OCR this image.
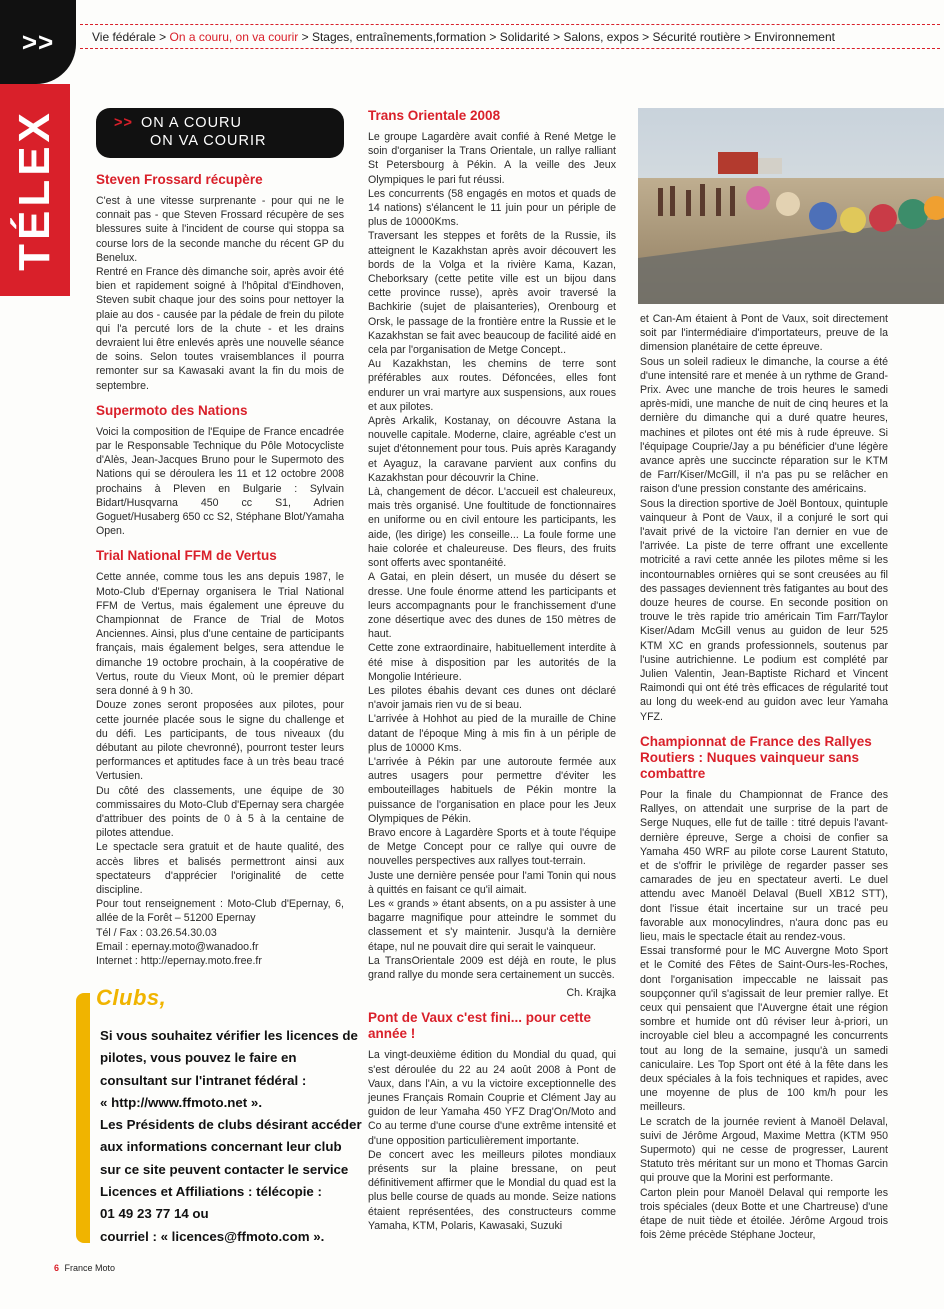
>>
TÉLEX
Vie fédérale > On a couru, on va courir > Stages, entraînements,formation > Solidarité > Salons, expos > Sécurité routière > Environnement
>> ON A COURU
ON VA COURIR
Steven Frossard récupère

C'est à une vitesse surprenante - pour qui ne le connait pas - que Steven Frossard récupère de ses blessures suite à l'incident de course qui stoppa sa course lors de la seconde manche du récent GP du Benelux.

Rentré en France dès dimanche soir, après avoir été bien et rapidement soigné à l'hôpital d'Eindhoven, Steven subit chaque jour des soins pour nettoyer la plaie au dos - causée par la pédale de frein du pilote qui l'a percuté lors de la chute - et les drains devraient lui être enlevés après une nouvelle séance de soins. Selon toutes vraisemblances il pourra remonter sur sa Kawasaki avant la fin du mois de septembre.

Supermoto des Nations

Voici la composition de l'Equipe de France encadrée par le Responsable Technique du Pôle Motocycliste d'Alès, Jean-Jacques Bruno pour le Supermoto des Nations qui se déroulera les 11 et 12 octobre 2008 prochains à Pleven en Bulgarie : Sylvain Bidart/Husqvarna 450 cc S1, Adrien Goguet/Husaberg 650 cc S2, Stéphane Blot/Yamaha Open.

Trial National FFM de Vertus

Cette année, comme tous les ans depuis 1987, le Moto-Club d'Epernay organisera le Trial National FFM de Vertus, mais également une épreuve du Championnat de France de Trial de Motos Anciennes. Ainsi, plus d'une centaine de participants français, mais également belges, sera attendue le dimanche 19 octobre prochain, à la coopérative de Vertus, route du Vieux Mont, où le premier départ sera donné à 9 h 30.

Douze zones seront proposées aux pilotes, pour cette journée placée sous le signe du challenge et du défi. Les participants, de tous niveaux (du débutant au pilote chevronné), pourront tester leurs performances et aptitudes face à un très beau tracé Vertusien.

Du côté des classements, une équipe de 30 commissaires du Moto-Club d'Epernay sera chargée d'attribuer des points de 0 à 5 à la centaine de pilotes attendue.

Le spectacle sera gratuit et de haute qualité, des accès libres et balisés permettront ainsi aux spectateurs d'apprécier l'originalité de cette discipline.

Pour tout renseignement : Moto-Club d'Epernay, 6, allée de la Forêt – 51200 Epernay

Tél / Fax : 03.26.54.30.03

Email : epernay.moto@wanadoo.fr

Internet : http://epernay.moto.free.fr

Trans Orientale 2008

Le groupe Lagardère avait confié à René Metge le soin d'organiser la Trans Orientale, un rallye ralliant St Petersbourg à Pékin. A la veille des Jeux Olympiques le pari fut réussi.

Les concurrents (58 engagés en motos et quads de 14 nations) s'élancent le 11 juin pour un périple de plus de 10000Kms.

Traversant les steppes et forêts de la Russie, ils atteignent le Kazakhstan après avoir découvert les bords de la Volga et la rivière Kama, Kazan, Cheborksary (cette petite ville est un bijou dans cette province russe), après avoir traversé la Bachkirie (sujet de plaisanteries), Orenbourg et Orsk, le passage de la frontière entre la Russie et le Kazakhstan se fait avec beaucoup de facilité aidé en cela par l'organisation de Metge Concept..

Au Kazakhstan, les chemins de terre sont préférables aux routes. Défoncées, elles font endurer un vrai martyre aux suspensions, aux roues et aux pilotes.

Après Arkalik, Kostanay, on découvre Astana la nouvelle capitale. Moderne, claire, agréable c'est un sujet d'étonnement pour tous. Puis après Karagandy et Ayaguz, la caravane parvient aux confins du Kazakhstan pour découvrir la Chine.

Là, changement de décor. L'accueil est chaleureux, mais très organisé. Une foultitude de fonctionnaires en uniforme ou en civil entoure les participants, les aide, (les dirige) les conseille... La foule forme une haie colorée et chaleureuse. Des fleurs, des fruits sont offerts avec spontanéité.

A Gatai, en plein désert, un musée du désert se dresse. Une foule énorme attend les participants et leurs accompagnants pour le franchissement d'une zone désertique avec des dunes de 150 mètres de haut.

Cette zone extraordinaire, habituellement interdite à été mise à disposition par les autorités de la Mongolie Intérieure.

Les pilotes ébahis devant ces dunes ont déclaré n'avoir jamais rien vu de si beau.

L'arrivée à Hohhot au pied de la muraille de Chine datant de l'époque Ming à mis fin à un périple de plus de 10000 Kms.

L'arrivée à Pékin par une autoroute fermée aux autres usagers pour permettre d'éviter les embouteillages habituels de Pékin montre la puissance de l'organisation en place pour les Jeux Olympiques de Pékin.

Bravo encore à Lagardère Sports et à toute l'équipe de Metge Concept pour ce rallye qui ouvre de nouvelles perspectives aux rallyes tout-terrain.

Juste une dernière pensée pour l'ami Tonin qui nous à quittés en faisant ce qu'il aimait.

Les « grands » étant absents, on a pu assister à une bagarre magnifique pour atteindre le sommet du classement et s'y maintenir. Jusqu'à la dernière étape, nul ne pouvait dire qui serait le vainqueur.

La TransOrientale 2009 est déjà en route, le plus grand rallye du monde sera certainement un succès.

Ch. Krajka

Pont de Vaux c'est fini... pour cette année !

La vingt-deuxième édition du Mondial du quad, qui s'est déroulée du 22 au 24 août 2008 à Pont de Vaux, dans l'Ain, a vu la victoire exceptionnelle des jeunes Français Romain Couprie et Clément Jay au guidon de leur Yamaha 450 YFZ Drag'On/Moto and Co au terme d'une course d'une extrême intensité et d'une opposition particulièrement importante.

De concert avec les meilleurs pilotes mondiaux présents sur la plaine bressane, on peut définitivement affirmer que le Mondial du quad est la plus belle course de quads au monde. Seize nations étaient représentées, des constructeurs comme Yamaha, KTM, Polaris, Kawasaki, Suzuki

et Can-Am étaient à Pont de Vaux, soit directement soit par l'intermédiaire d'importateurs, preuve de la dimension planétaire de cette épreuve.

Sous un soleil radieux le dimanche, la course a été d'une intensité rare et menée à un rythme de Grand-Prix. Avec une manche de trois heures le samedi après-midi, une manche de nuit de cinq heures et la dernière du dimanche qui a duré quatre heures, machines et pilotes ont été mis à rude épreuve. Si l'équipage Couprie/Jay a pu bénéficier d'une légère avance après une succincte réparation sur le KTM de Farr/Kiser/McGill, il n'a pas pu se relâcher en raison d'une pression constante des américains.

Sous la direction sportive de Joël Bontoux, quintuple vainqueur à Pont de Vaux, il a conjuré le sort qui l'avait privé de la victoire l'an dernier en vue de l'arrivée. La piste de terre offrant une excellente motricité a ravi cette année les pilotes même si les incontournables ornières qui se sont creusées au fil des passages deviennent très fatigantes au bout des douze heures de course. En seconde position on trouve le très rapide trio américain Tim Farr/Taylor Kiser/Adam McGill venus au guidon de leur 525 KTM XC en grands professionnels, soutenus par l'usine autrichienne. Le podium est complété par Julien Valentin, Jean-Baptiste Richard et Vincent Raimondi qui ont été très efficaces de régularité tout au long du week-end au guidon avec leur Yamaha YFZ.

Championnat de France des Rallyes Routiers : Nuques vainqueur sans combattre

Pour la finale du Championnat de France des Rallyes, on attendait une surprise de la part de Serge Nuques, elle fut de taille : titré depuis l'avant-dernière épreuve, Serge a choisi de confier sa Yamaha 450 WRF au pilote corse Laurent Statuto, et de s'offrir le privilège de regarder passer ses camarades de jeu en spectateur averti. Le duel attendu avec Manoël Delaval (Buell XB12 STT), dont l'issue était incertaine sur un tracé peu favorable aux monocylindres, n'aura donc pas eu lieu, mais le spectacle était au rendez-vous.

Essai transformé pour le MC Auvergne Moto Sport et le Comité des Fêtes de Saint-Ours-les-Roches, dont l'organisation impeccable ne laissait pas soupçonner qu'il s'agissait de leur premier rallye. Et ceux qui pensaient que l'Auvergne était une région sombre et humide ont dû réviser leur à-priori, un incroyable ciel bleu a accompagné les concurrents tout au long de la semaine, jusqu'à un samedi caniculaire. Les Top Sport ont été à la fête dans les deux spéciales à la fois techniques et rapides, avec une moyenne de plus de 100 km/h pour les meilleurs.

Le scratch de la journée revient à Manoël Delaval, suivi de Jérôme Argoud, Maxime Mettra (KTM 950 Supermoto) qui ne cesse de progresser, Laurent Statuto très méritant sur un mono et Thomas Garcin qui prouve que la Morini est performante.

Carton plein pour Manoël Delaval qui remporte les trois spéciales (deux Botte et une Chartreuse) d'une étape de nuit tiède et étoilée. Jérôme Argoud trois fois 2ème précède Stéphane Jocteur,

Clubs,
Si vous souhaitez vérifier les licences de pilotes, vous pouvez le faire en consultant sur l'intranet fédéral :
« http://www.ffmoto.net ».
Les Présidents de clubs désirant accéder aux informations concernant leur club sur ce site peuvent contacter le service Licences et Affiliations : télécopie :
01 49 23 77 14 ou
courriel : « licences@ffmoto.com ».
6 France Moto
